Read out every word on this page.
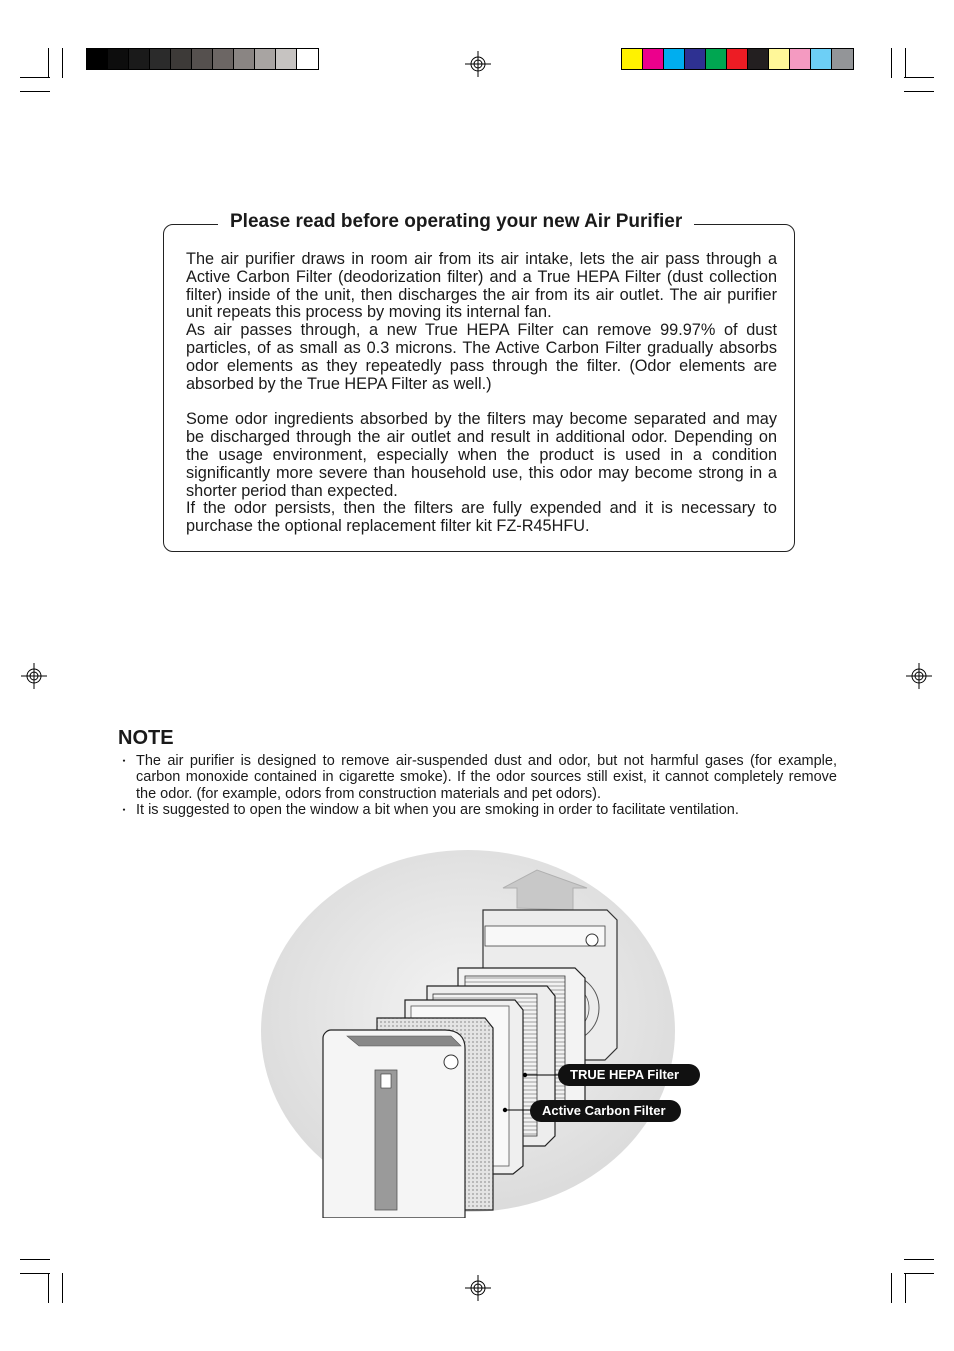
Please read before operating your new Air Purifier

The air purifier draws in room air from its air intake, lets the air pass through a Active Carbon Filter (deodorization filter) and a True HEPA Filter (dust collection filter) inside of the unit, then discharges the air from its air outlet. The air purifier unit repeats this process by moving its internal fan.

As air passes through, a new True HEPA Filter can remove 99.97% of dust particles, of as small as 0.3 microns. The Active Carbon Filter gradually absorbs odor elements as they repeatedly pass through the filter. (Odor elements are absorbed by the True HEPA Filter as well.)

Some odor ingredients absorbed by the filters may become separated and may be discharged through the air outlet and result in additional odor. Depending on the usage environment, especially when the product is used in a condition significantly more severe than household use, this odor may become strong in a shorter period than expected.

If the odor persists, then the filters are fully expended and it is necessary to purchase the optional replacement filter kit FZ-R45HFU.

NOTE
・ The air purifier is designed to remove air-suspended dust and odor, but not harmful gases (for example, carbon monoxide contained in cigarette smoke). If the odor sources still exist, it cannot completely remove the odor. (for example, odors from construction materials and pet odors).
・ It is suggested to open the window a bit when you are smoking in order to facilitate ventilation.
TRUE HEPA Filter
Active Carbon Filter
